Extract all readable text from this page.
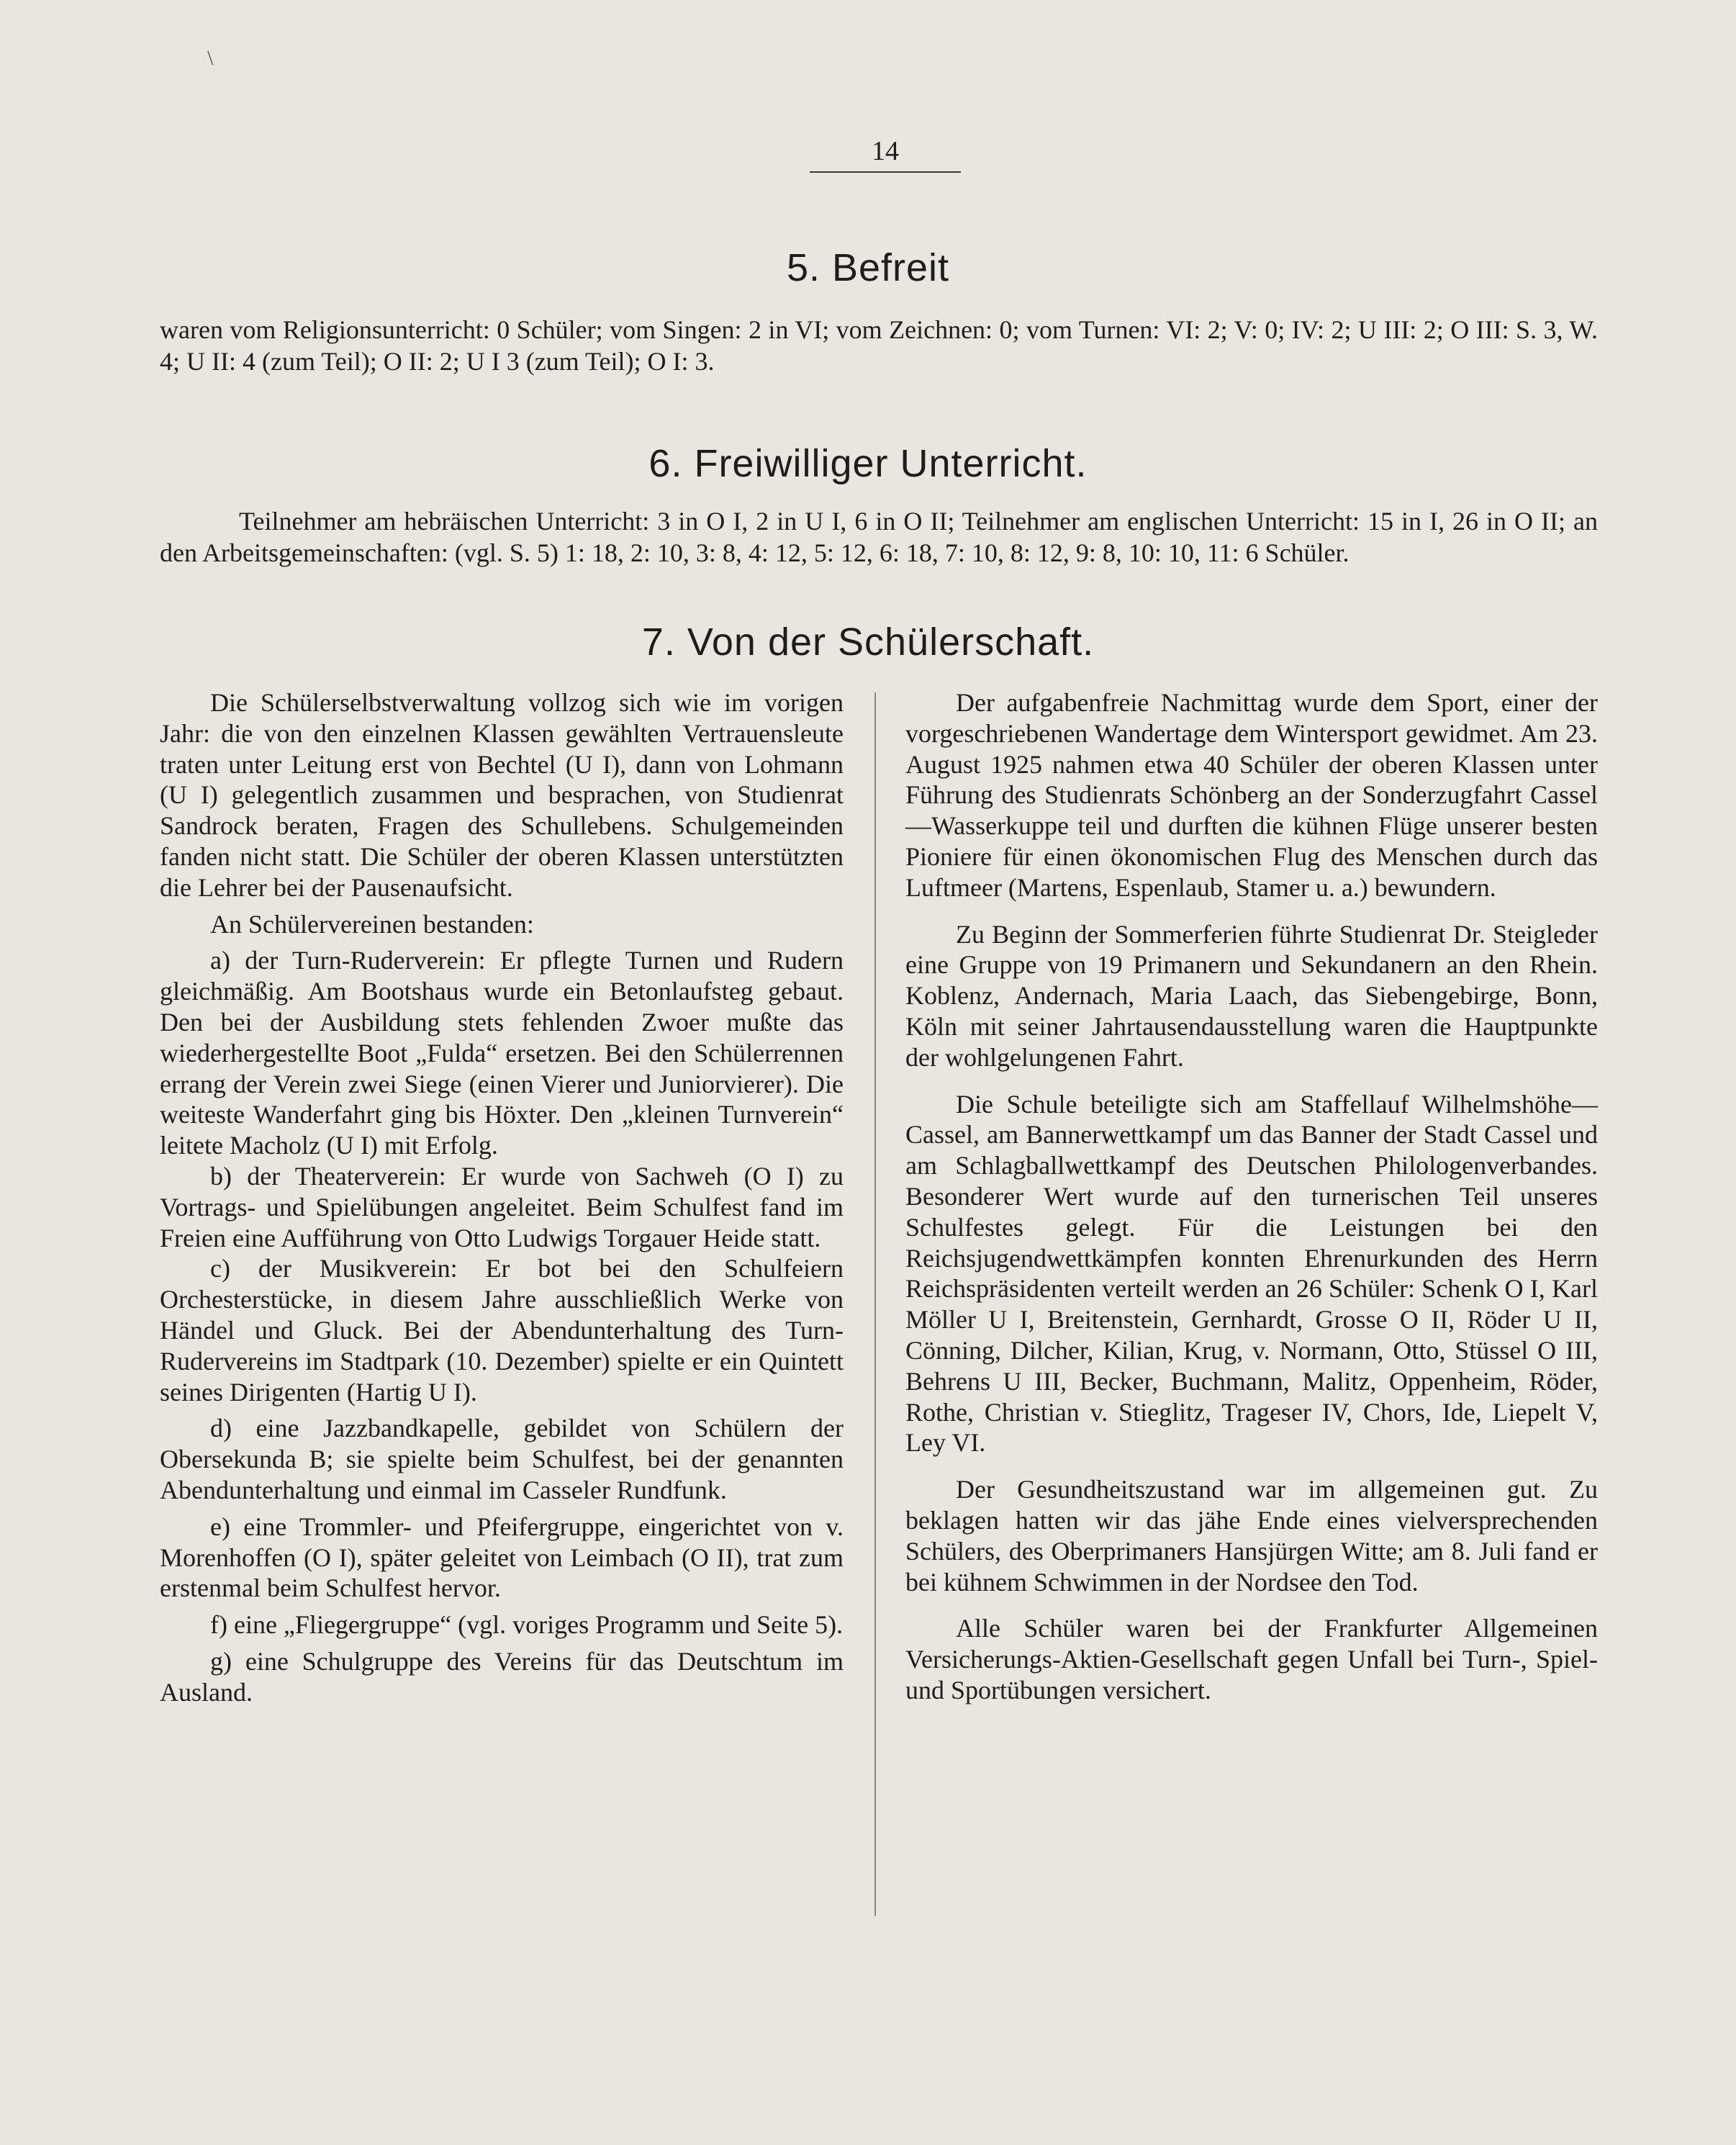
\
14
5. Befreit
waren vom Religionsunterricht: 0 Schüler; vom Singen: 2 in VI; vom Zeichnen: 0; vom Turnen: VI: 2; V: 0; IV: 2; U III: 2; O III: S. 3, W. 4; U II: 4 (zum Teil); O II: 2; U I 3 (zum Teil); O I: 3.
6. Freiwilliger Unterricht.
Teilnehmer am hebräischen Unterricht: 3 in O I, 2 in U I, 6 in O II; Teilnehmer am englischen Unterricht: 15 in I, 26 in O II; an den Arbeitsgemeinschaften: (vgl. S. 5) 1: 18, 2: 10, 3: 8, 4: 12, 5: 12, 6: 18, 7: 10, 8: 12, 9: 8, 10: 10, 11: 6 Schüler.
7. Von der Schülerschaft.

Die Schülerselbstverwaltung vollzog sich wie im vorigen Jahr: die von den einzelnen Klassen gewählten Vertrauensleute traten unter Leitung erst von Bechtel (U I), dann von Lohmann (U I) gelegentlich zusammen und besprachen, von Studienrat Sandrock beraten, Fragen des Schullebens. Schulgemeinden fanden nicht statt. Die Schüler der oberen Klassen unterstützten die Lehrer bei der Pausenaufsicht.

An Schülervereinen bestanden:

a) der Turn-Ruderverein: Er pflegte Turnen und Rudern gleichmäßig. Am Bootshaus wurde ein Betonlaufsteg gebaut. Den bei der Ausbildung stets fehlenden Zwoer mußte das wiederhergestellte Boot „Fulda“ ersetzen. Bei den Schülerrennen errang der Verein zwei Siege (einen Vierer und Juniorvierer). Die weiteste Wanderfahrt ging bis Höxter. Den „kleinen Turnverein“ leitete Macholz (U I) mit Erfolg.

b) der Theaterverein: Er wurde von Sachweh (O I) zu Vortrags- und Spielübungen angeleitet. Beim Schulfest fand im Freien eine Aufführung von Otto Ludwigs Torgauer Heide statt.

c) der Musikverein: Er bot bei den Schulfeiern Orchesterstücke, in diesem Jahre ausschließlich Werke von Händel und Gluck. Bei der Abendunterhaltung des Turn-Rudervereins im Stadtpark (10. Dezember) spielte er ein Quintett seines Dirigenten (Hartig U I).

d) eine Jazzbandkapelle, gebildet von Schülern der Obersekunda B; sie spielte beim Schulfest, bei der genannten Abendunterhaltung und einmal im Casseler Rundfunk.

e) eine Trommler- und Pfeifergruppe, eingerichtet von v. Morenhoffen (O I), später geleitet von Leimbach (O II), trat zum erstenmal beim Schulfest hervor.

f) eine „Fliegergruppe“ (vgl. voriges Programm und Seite 5).

g) eine Schulgruppe des Vereins für das Deutschtum im Ausland.

Der aufgabenfreie Nachmittag wurde dem Sport, einer der vorgeschriebenen Wandertage dem Wintersport gewidmet. Am 23. August 1925 nahmen etwa 40 Schüler der oberen Klassen unter Führung des Studienrats Schönberg an der Sonderzugfahrt Cassel—Wasserkuppe teil und durften die kühnen Flüge unserer besten Pioniere für einen ökonomischen Flug des Menschen durch das Luftmeer (Martens, Espenlaub, Stamer u. a.) bewundern.

Zu Beginn der Sommerferien führte Studienrat Dr. Steigleder eine Gruppe von 19 Primanern und Sekundanern an den Rhein. Koblenz, Andernach, Maria Laach, das Siebengebirge, Bonn, Köln mit seiner Jahrtausendausstellung waren die Hauptpunkte der wohlgelungenen Fahrt.

Die Schule beteiligte sich am Staffellauf Wilhelmshöhe—Cassel, am Bannerwettkampf um das Banner der Stadt Cassel und am Schlagballwettkampf des Deutschen Philologenverbandes. Besonderer Wert wurde auf den turnerischen Teil unseres Schulfestes gelegt. Für die Leistungen bei den Reichsjugendwettkämpfen konnten Ehrenurkunden des Herrn Reichspräsidenten verteilt werden an 26 Schüler: Schenk O I, Karl Möller U I, Breitenstein, Gernhardt, Grosse O II, Röder U II, Cönning, Dilcher, Kilian, Krug, v. Normann, Otto, Stüssel O III, Behrens U III, Becker, Buchmann, Malitz, Oppenheim, Röder, Rothe, Christian v. Stieglitz, Trageser IV, Chors, Ide, Liepelt V, Ley VI.

Der Gesundheitszustand war im allgemeinen gut. Zu beklagen hatten wir das jähe Ende eines vielversprechenden Schülers, des Oberprimaners Hansjürgen Witte; am 8. Juli fand er bei kühnem Schwimmen in der Nordsee den Tod.

Alle Schüler waren bei der Frankfurter Allgemeinen Versicherungs-Aktien-Gesellschaft gegen Unfall bei Turn-, Spiel- und Sportübungen versichert.
